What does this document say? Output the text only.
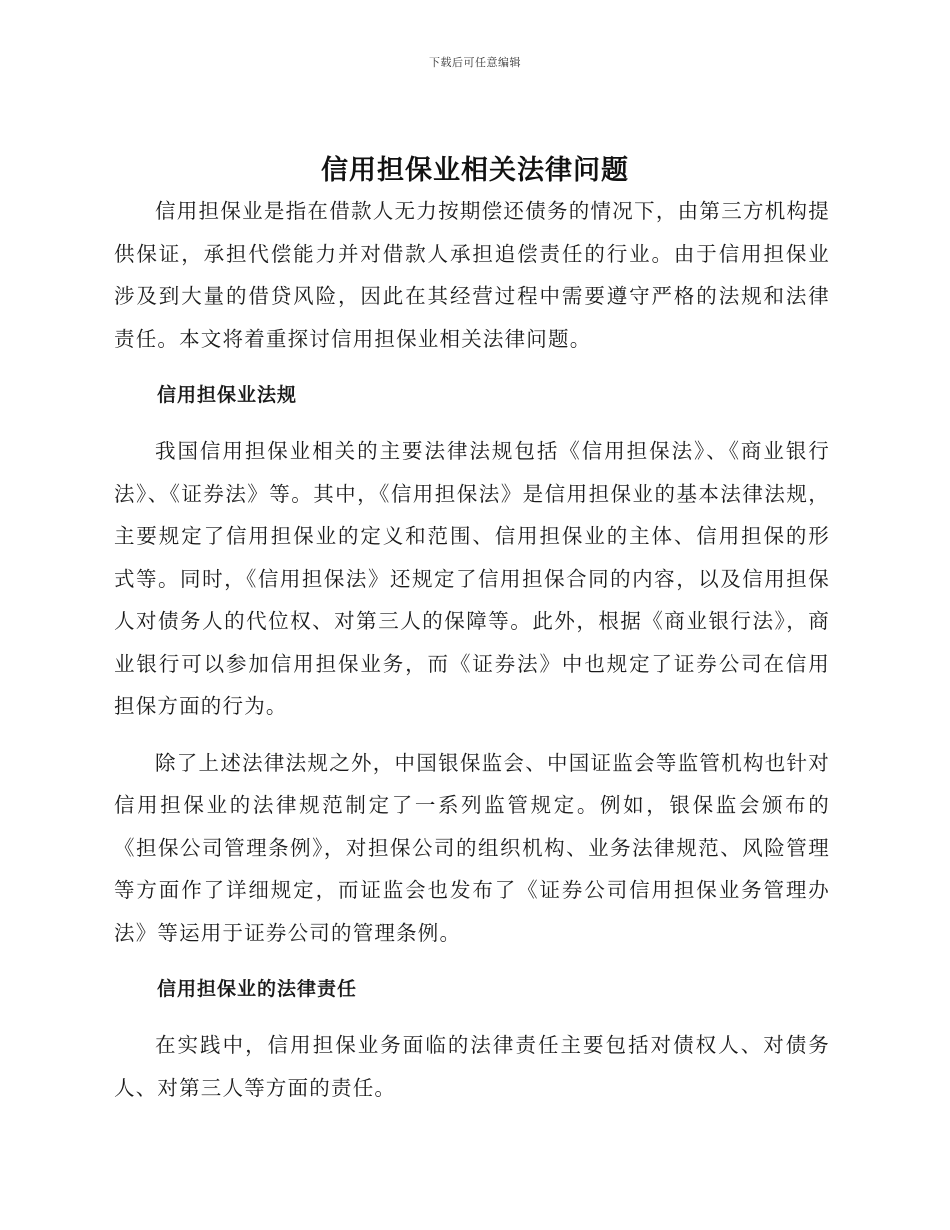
下载后可任意编辑
信用担保业相关法律问题

信用担保业是指在借款人无力按期偿还债务的情况下，由第三方机构提供保证，承担代偿能力并对借款人承担追偿责任的行业。由于信用担保业涉及到大量的借贷风险，因此在其经营过程中需要遵守严格的法规和法律责任。本文将着重探讨信用担保业相关法律问题。

信用担保业法规

我国信用担保业相关的主要法律法规包括《信用担保法》、《商业银行法》、《证券法》等。其中，《信用担保法》是信用担保业的基本法律法规，主要规定了信用担保业的定义和范围、信用担保业的主体、信用担保的形式等。同时，《信用担保法》还规定了信用担保合同的内容，以及信用担保人对债务人的代位权、对第三人的保障等。此外，根据《商业银行法》，商业银行可以参加信用担保业务，而《证券法》中也规定了证券公司在信用担保方面的行为。

除了上述法律法规之外，中国银保监会、中国证监会等监管机构也针对信用担保业的法律规范制定了一系列监管规定。例如，银保监会颁布的《担保公司管理条例》，对担保公司的组织机构、业务法律规范、风险管理等方面作了详细规定，而证监会也发布了《证券公司信用担保业务管理办法》等运用于证券公司的管理条例。

信用担保业的法律责任

在实践中，信用担保业务面临的法律责任主要包括对债权人、对债务人、对第三人等方面的责任。
